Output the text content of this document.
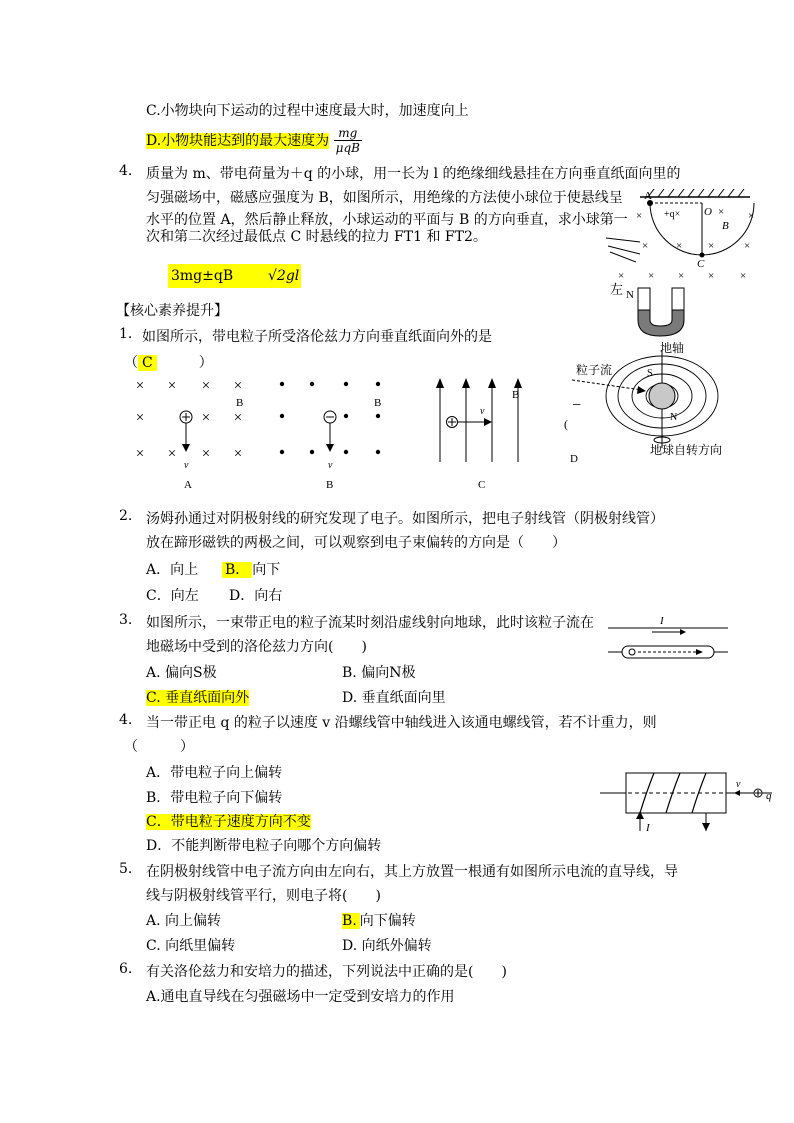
C.小物块向下运动的过程中速度最大时，加速度向上
D.小物块能达到的最大速度为 $\frac{mg}{\text{μqB}}$
4. 质量为 m、带电荷量为＋q 的小球，用一长为 l 的绝缘细线悬挂在方向垂直纸面向里的
匀强磁场中，磁感应强度为 B，如图所示，用绝缘的方法使小球位于使悬线呈
水平的位置 A，然后静止释放，小球运动的平面与 B 的方向垂直，求小球第一
次和第二次经过最低点 C 时悬线的拉力 FT1 和 FT2。
3mg±qB √2gl
A
O
B
C
+q×
×	× ×
×	× ×	×
× × × × ×
左 N
【核心素养提升】
1. 如图所示，带电粒子所受洛伦兹力方向垂直纸面向外的是
（ C	）
× × × ×
×	× ×
× × × ×
v
B
A
v
B
B
v
B
C
地轴
粒子流
地球自转方向
S
N
−
(
D
2. 汤姆孙通过对阴极射线的研究发现了电子。如图所示，把电子射线管（阴极射线管）
放在蹄形磁铁的两极之间，可以观察到电子束偏转的方向是（　　）
A．向上 B． 向下
C．向左 D．向右
3. 如图所示，一束带正电的粒子流某时刻沿虚线射向地球，此时该粒子流在
地磁场中受到的洛伦兹力方向(　　)
A. 偏向S极	B. 偏向N极
C. 垂直纸面向外	D. 垂直纸面向里
I
4. 当一带正电 q 的粒子以速度 v 沿螺线管中轴线进入该通电螺线管，若不计重力，则
（　　　）
A．带电粒子向上偏转
B．带电粒子向下偏转
C．带电粒子速度方向不变
D．不能判断带电粒子向哪个方向偏转
v
q
I
5. 在阴极射线管中电子流方向由左向右，其上方放置一根通有如图所示电流的直导线，导
线与阴极射线管平行，则电子将(　　)
A. 向上偏转	B. 向下偏转
C. 向纸里偏转	D. 向纸外偏转
6. 有关洛伦兹力和安培力的描述，下列说法中正确的是(　　)
A.通电直导线在匀强磁场中一定受到安培力的作用
